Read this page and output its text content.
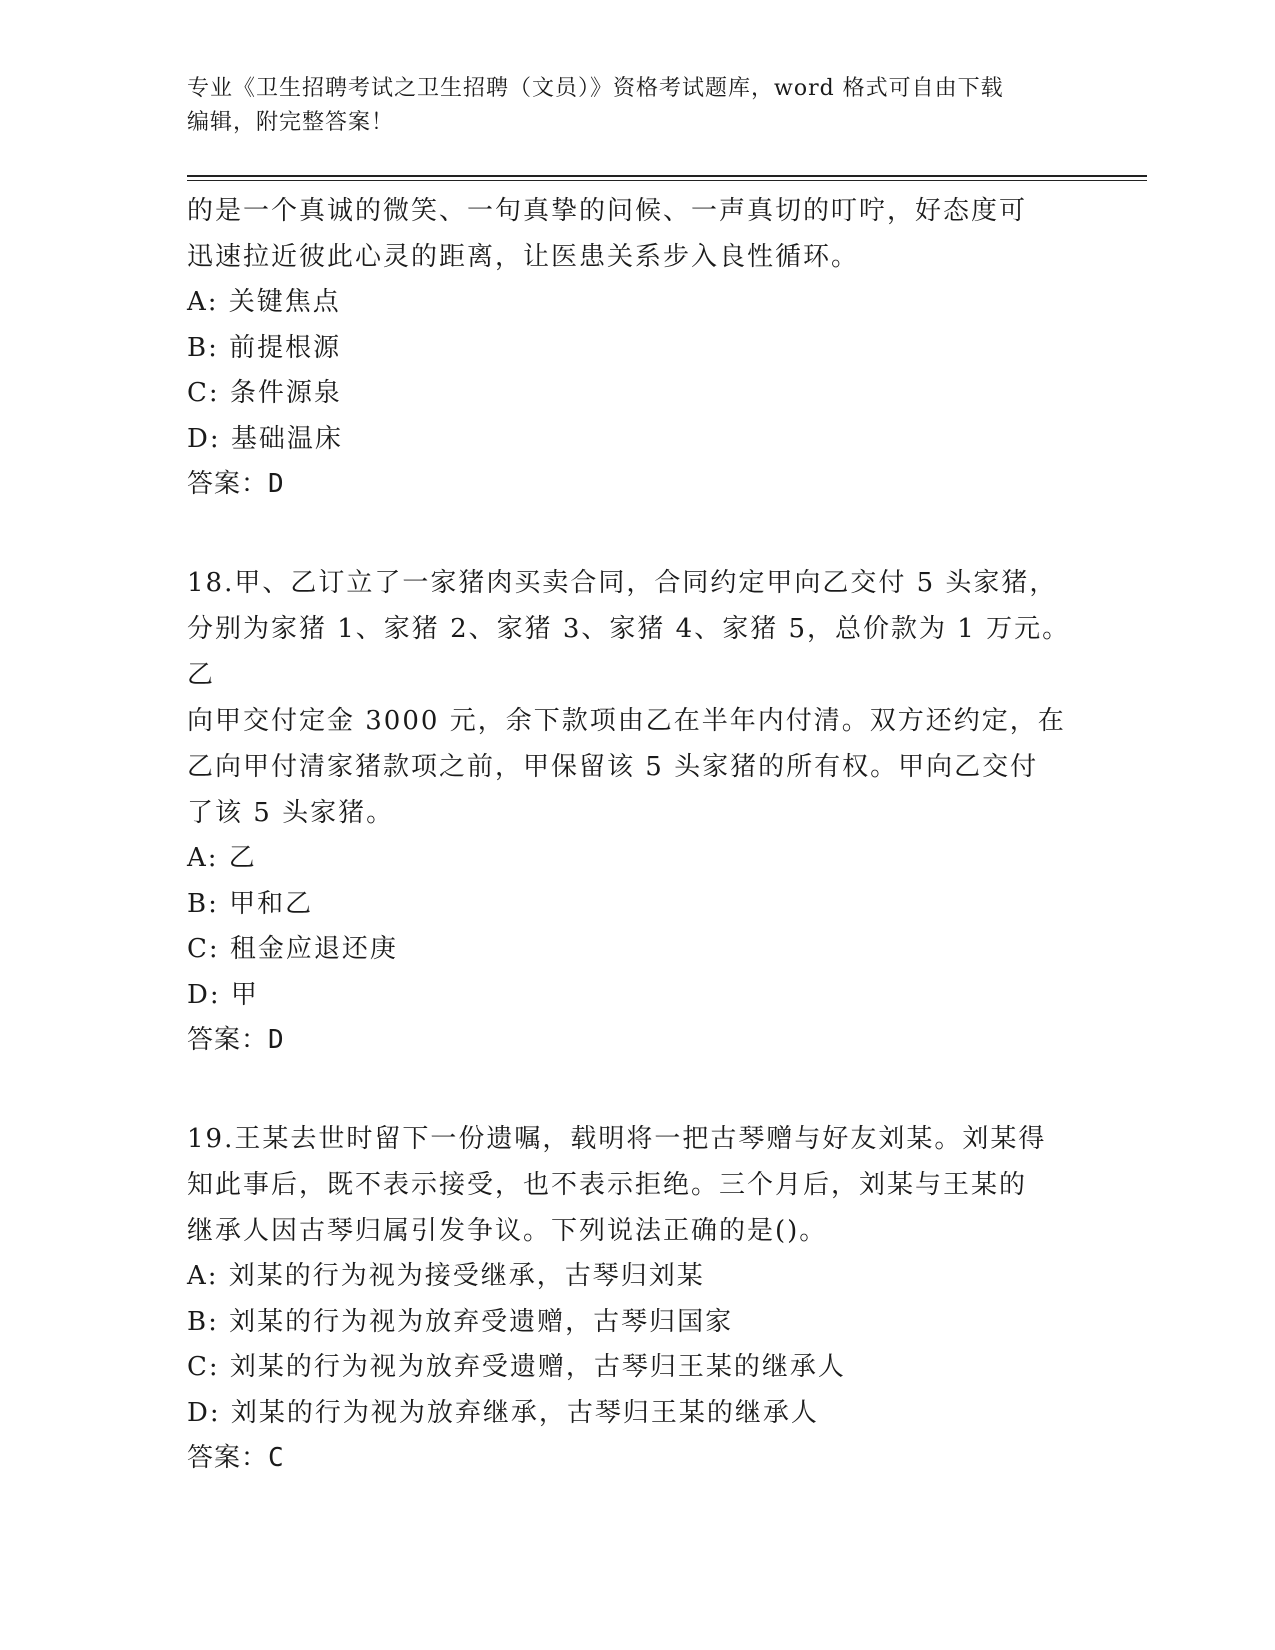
专业《卫生招聘考试之卫生招聘（文员）》资格考试题库，word 格式可自由下载
编辑，附完整答案！

的是一个真诚的微笑、一句真挚的问候、一声真切的叮咛，好态度可

迅速拉近彼此心灵的距离，让医患关系步入良性循环。

A: 关键焦点

B: 前提根源

C: 条件源泉

D: 基础温床

答案：D

18.甲、乙订立了一家猪肉买卖合同，合同约定甲向乙交付 5 头家猪，

分别为家猪 1、家猪 2、家猪 3、家猪 4、家猪 5，总价款为 1 万元。乙

向甲交付定金 3000 元，余下款项由乙在半年内付清。双方还约定，在

乙向甲付清家猪款项之前，甲保留该 5 头家猪的所有权。甲向乙交付

了该 5 头家猪。

A: 乙

B: 甲和乙

C: 租金应退还庚

D: 甲

答案：D

19.王某去世时留下一份遗嘱，载明将一把古琴赠与好友刘某。刘某得

知此事后，既不表示接受，也不表示拒绝。三个月后，刘某与王某的

继承人因古琴归属引发争议。下列说法正确的是()。

A: 刘某的行为视为接受继承，古琴归刘某

B: 刘某的行为视为放弃受遗赠，古琴归国家

C: 刘某的行为视为放弃受遗赠，古琴归王某的继承人

D: 刘某的行为视为放弃继承，古琴归王某的继承人

答案：C
